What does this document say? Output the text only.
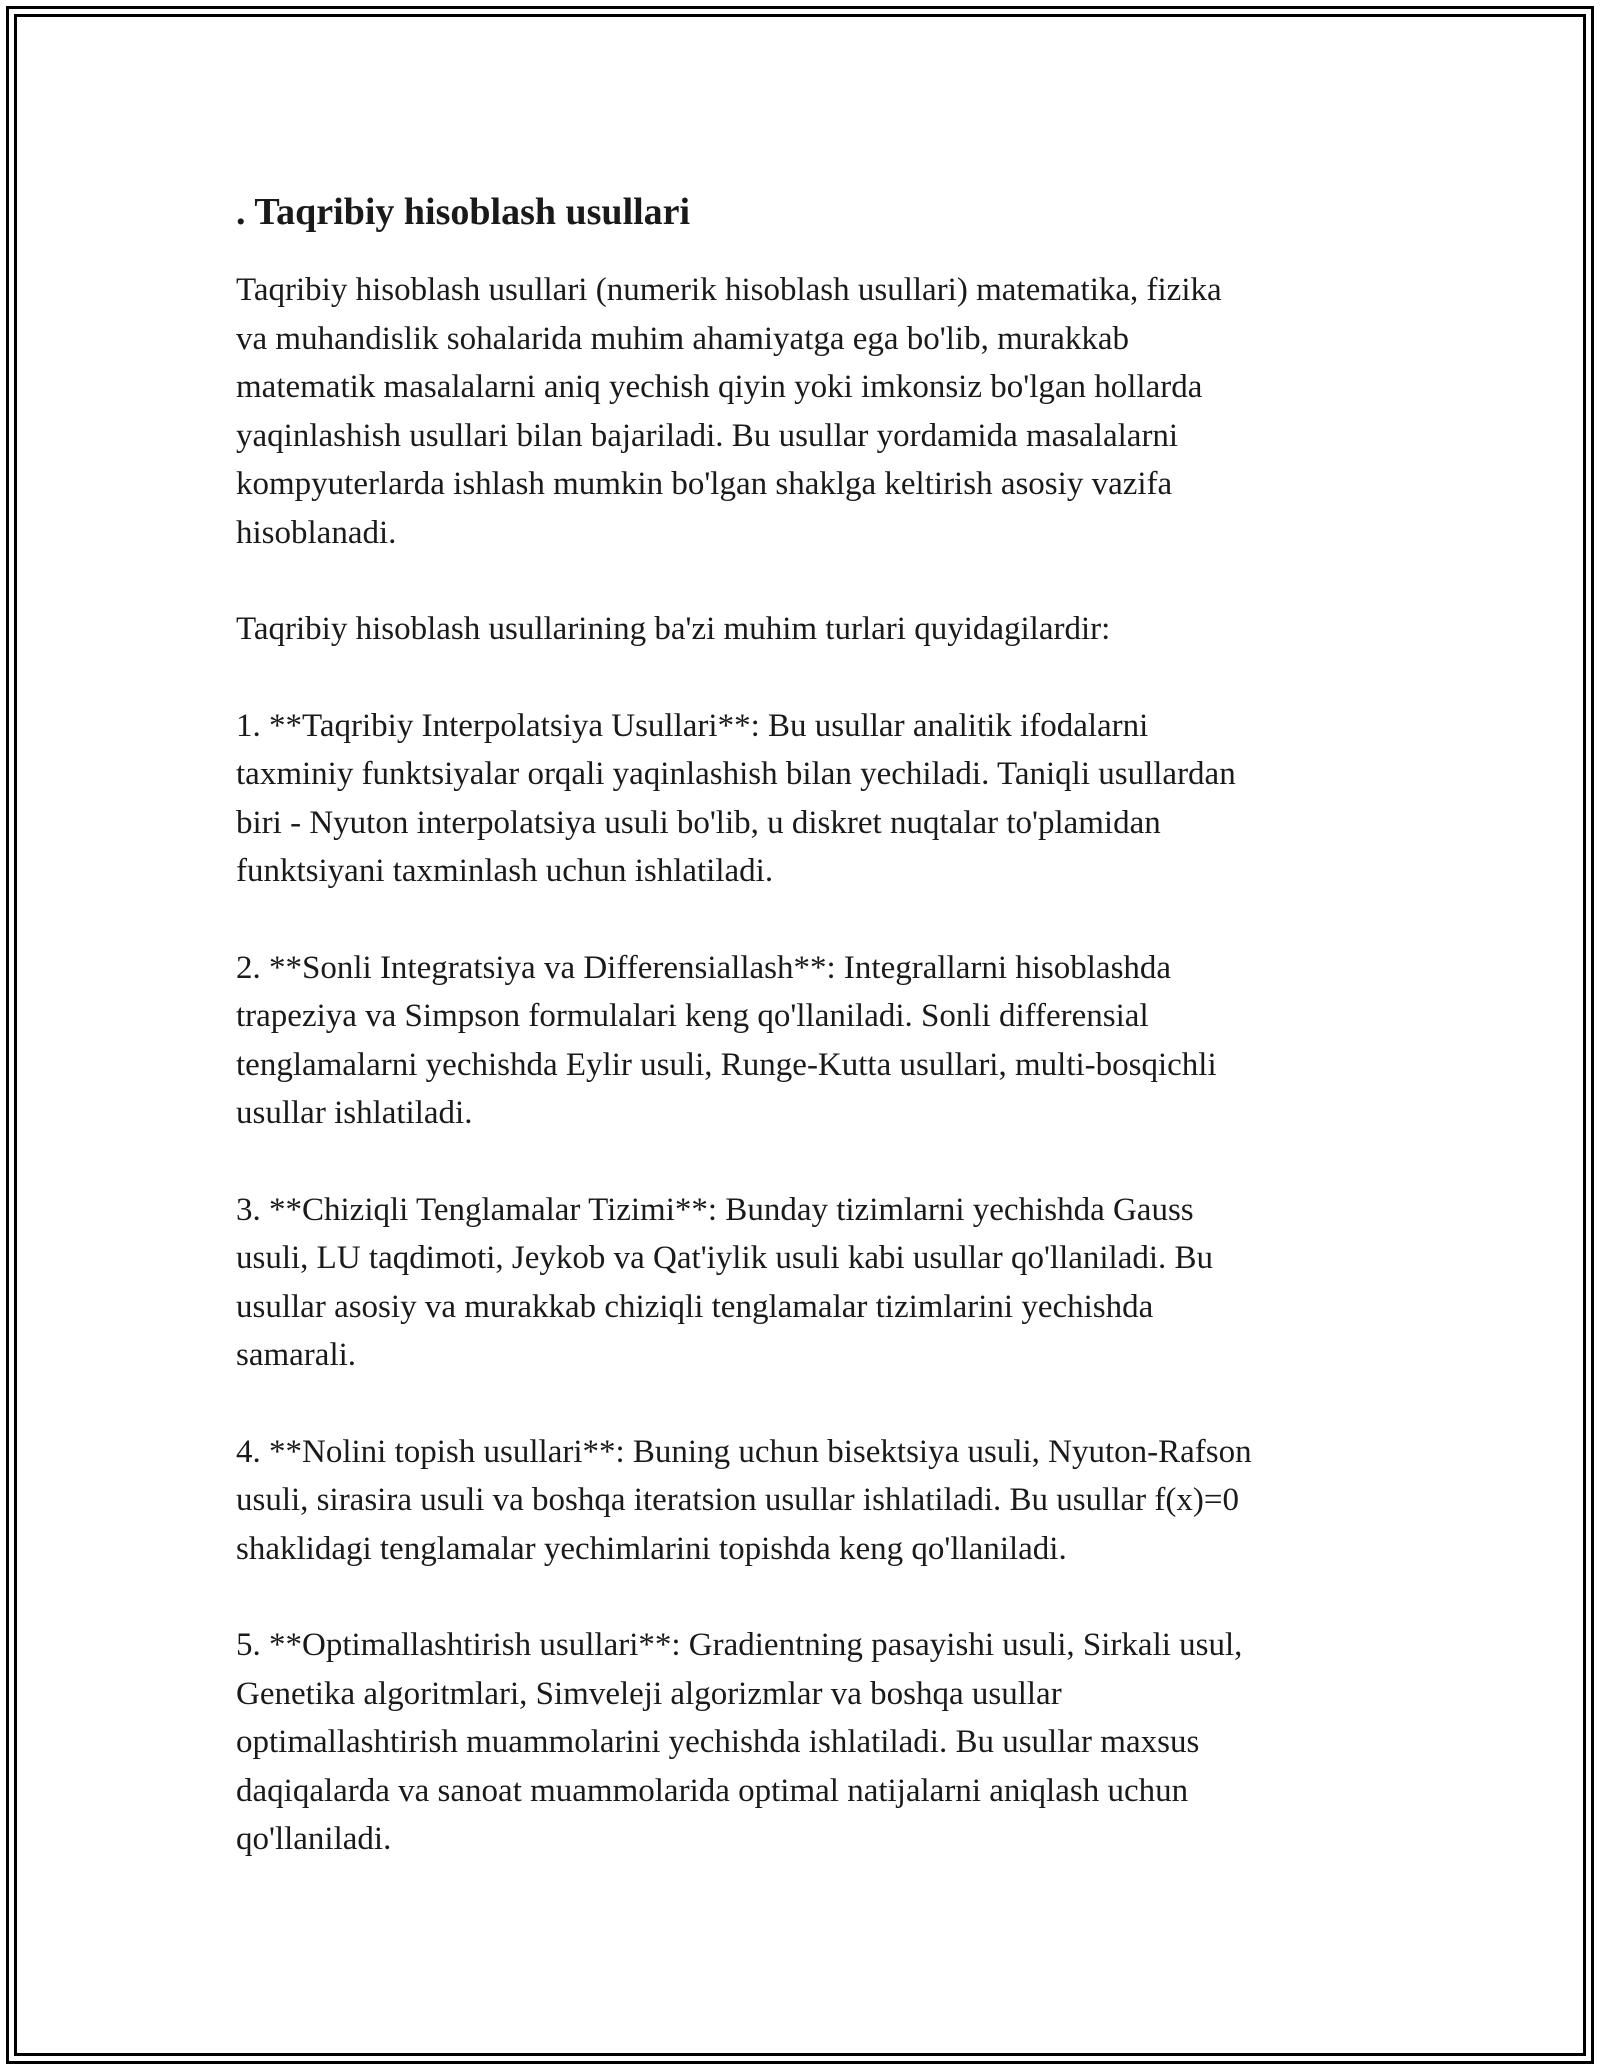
. Taqribiy hisoblash usullari

Taqribiy hisoblash usullari (numerik hisoblash usullari) matematika, fizika
va muhandislik sohalarida muhim ahamiyatga ega bo'lib, murakkab
matematik masalalarni aniq yechish qiyin yoki imkonsiz bo'lgan hollarda
yaqinlashish usullari bilan bajariladi. Bu usullar yordamida masalalarni
kompyuterlarda ishlash mumkin bo'lgan shaklga keltirish asosiy vazifa
hisoblanadi.

Taqribiy hisoblash usullarining ba'zi muhim turlari quyidagilardir:

1. **Taqribiy Interpolatsiya Usullari**: Bu usullar analitik ifodalarni
taxminiy funktsiyalar orqali yaqinlashish bilan yechiladi. Taniqli usullardan
biri - Nyuton interpolatsiya usuli bo'lib, u diskret nuqtalar to'plamidan
funktsiyani taxminlash uchun ishlatiladi.

2. **Sonli Integratsiya va Differensiallash**: Integrallarni hisoblashda
trapeziya va Simpson formulalari keng qo'llaniladi. Sonli differensial
tenglamalarni yechishda Eylir usuli, Runge-Kutta usullari, multi-bosqichli
usullar ishlatiladi.

3. **Chiziqli Tenglamalar Tizimi**: Bunday tizimlarni yechishda Gauss
usuli, LU taqdimoti, Jeykob va Qat'iylik usuli kabi usullar qo'llaniladi. Bu
usullar asosiy va murakkab chiziqli tenglamalar tizimlarini yechishda
samarali.

4. **Nolini topish usullari**: Buning uchun bisektsiya usuli, Nyuton-Rafson
usuli, sirasira usuli va boshqa iteratsion usullar ishlatiladi. Bu usullar f(x)=0
shaklidagi tenglamalar yechimlarini topishda keng qo'llaniladi.

5. **Optimallashtirish usullari**: Gradientning pasayishi usuli, Sirkali usul,
Genetika algoritmlari, Simveleji algorizmlar va boshqa usullar
optimallashtirish muammolarini yechishda ishlatiladi. Bu usullar maxsus
daqiqalarda va sanoat muammolarida optimal natijalarni aniqlash uchun
qo'llaniladi.
